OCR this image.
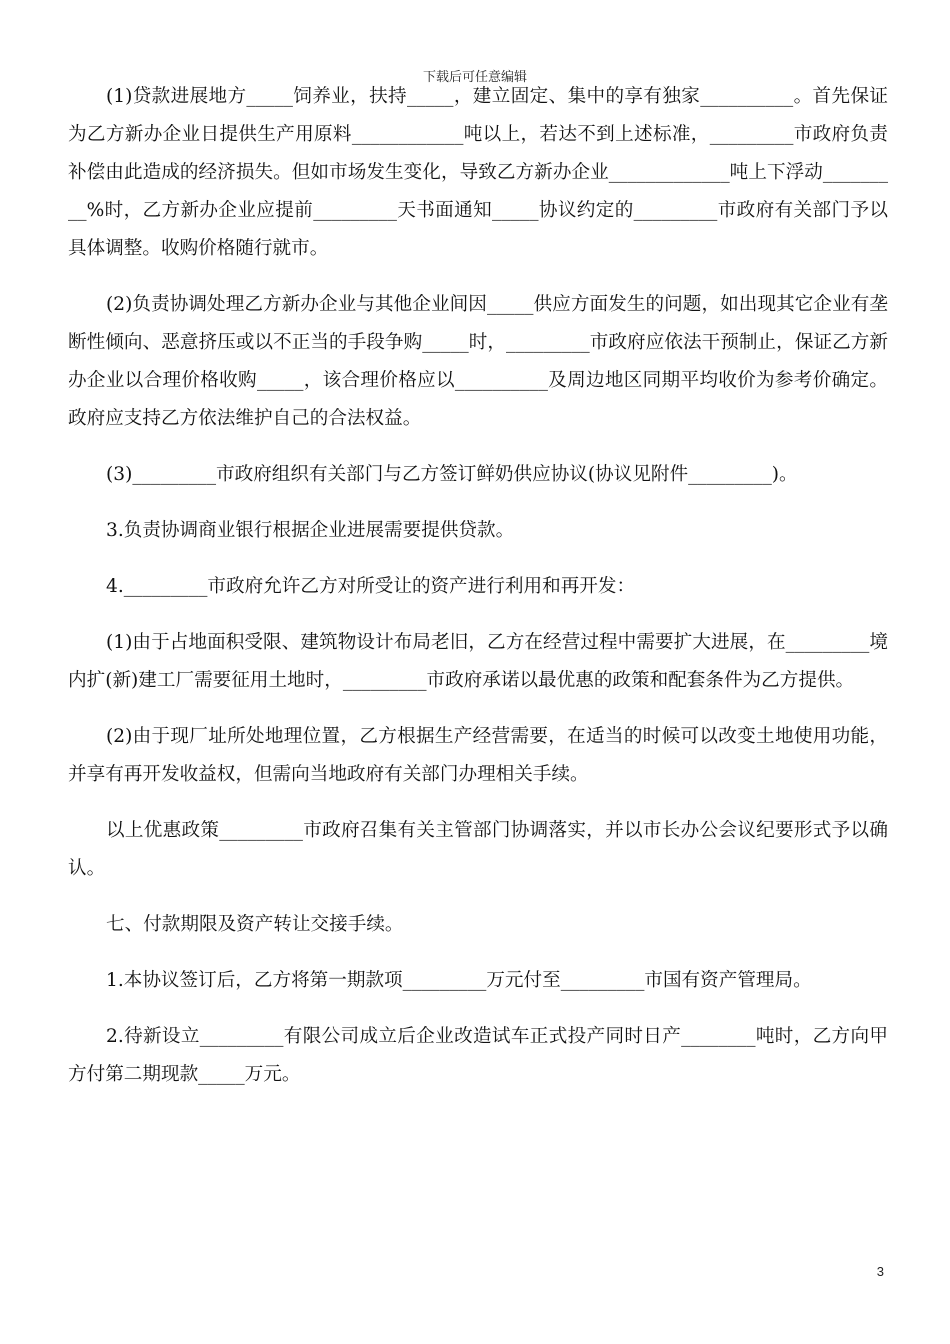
下载后可任意编辑

(1)贷款进展地方_____饲养业，扶持_____，建立固定、集中的享有独家__________。首先保证为乙方新办企业日提供生产用原料____________吨以上，若达不到上述标准，_________市政府负责补偿由此造成的经济损失。但如市场发生变化，导致乙方新办企业_____________吨上下浮动_________%时，乙方新办企业应提前_________天书面通知_____协议约定的_________市政府有关部门予以具体调整。收购价格随行就市。

(2)负责协调处理乙方新办企业与其他企业间因_____供应方面发生的问题，如出现其它企业有垄断性倾向、恶意挤压或以不正当的手段争购_____时，_________市政府应依法干预制止，保证乙方新办企业以合理价格收购_____，该合理价格应以__________及周边地区同期平均收价为参考价确定。政府应支持乙方依法维护自己的合法权益。

(3)_________市政府组织有关部门与乙方签订鲜奶供应协议(协议见附件_________)。

3.负责协调商业银行根据企业进展需要提供贷款。

4._________市政府允许乙方对所受让的资产进行利用和再开发：

(1)由于占地面积受限、建筑物设计布局老旧，乙方在经营过程中需要扩大进展，在_________境内扩(新)建工厂需要征用土地时，_________市政府承诺以最优惠的政策和配套条件为乙方提供。

(2)由于现厂址所处地理位置，乙方根据生产经营需要，在适当的时候可以改变土地使用功能，并享有再开发收益权，但需向当地政府有关部门办理相关手续。

以上优惠政策_________市政府召集有关主管部门协调落实，并以市长办公会议纪要形式予以确认。

七、付款期限及资产转让交接手续。

1.本协议签订后，乙方将第一期款项_________万元付至_________市国有资产管理局。

2.待新设立_________有限公司成立后企业改造试车正式投产同时日产________吨时，乙方向甲方付第二期现款_____万元。

3
